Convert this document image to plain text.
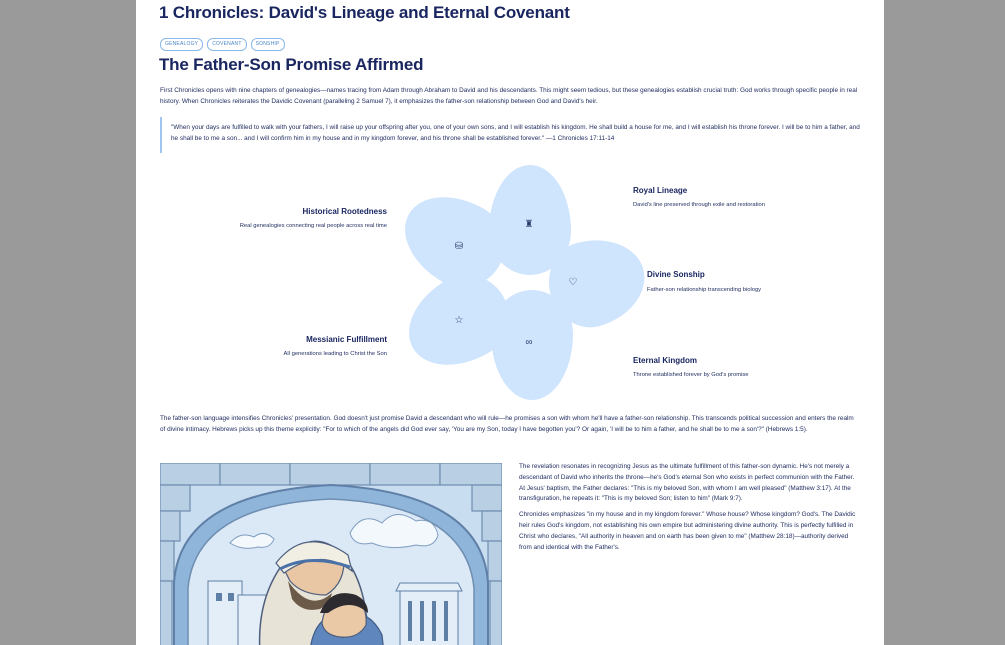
1 Chronicles: David's Lineage and Eternal Covenant
GENEALOGY	COVENANT	SONSHIP
The Father-Son Promise Affirmed

First Chronicles opens with nine chapters of genealogies—names tracing from Adam through Abraham to David and his descendants. This might seem tedious, but these genealogies establish crucial truth: God works through specific people in real history. When Chronicles reiterates the Davidic Covenant (paralleling 2 Samuel 7), it emphasizes the father-son relationship between God and David's heir.

"When your days are fulfilled to walk with your fathers, I will raise up your offspring after you, one of your own sons, and I will establish his kingdom. He shall build a house for me, and I will establish his throne forever. I will be to him a father, and he shall be to me a son... and I will confirm him in my house and in my kingdom forever, and his throne shall be established forever." —1 Chronicles 17:11-14

♜
♡
∞
☆
⛁
Royal Lineage
David's line preserved through exile and restoration
Divine Sonship
Father-son relationship transcending biology
Eternal Kingdom
Throne established forever by God's promise
Messianic Fulfillment
All generations leading to Christ the Son
Historical Rootedness
Real genealogies connecting real people across real time

The father-son language intensifies Chronicles' presentation. God doesn't just promise David a descendant who will rule—he promises a son with whom he'll have a father-son relationship. This transcends political succession and enters the realm of divine intimacy. Hebrews picks up this theme explicitly: "For to which of the angels did God ever say, 'You are my Son, today I have begotten you'? Or again, 'I will be to him a father, and he shall be to me a son'?" (Hebrews 1:5).

The revelation resonates in recognizing Jesus as the ultimate fulfillment of this father-son dynamic. He's not merely a descendant of David who inherits the throne—he's God's eternal Son who exists in perfect communion with the Father. At Jesus' baptism, the Father declares: "This is my beloved Son, with whom I am well pleased" (Matthew 3:17). At the transfiguration, he repeats it: "This is my beloved Son; listen to him" (Mark 9:7).

Chronicles emphasizes "in my house and in my kingdom forever." Whose house? Whose kingdom? God's. The Davidic heir rules God's kingdom, not establishing his own empire but administering divine authority. This is perfectly fulfilled in Christ who declares, "All authority in heaven and on earth has been given to me" (Matthew 28:18)—authority derived from and identical with the Father's.
